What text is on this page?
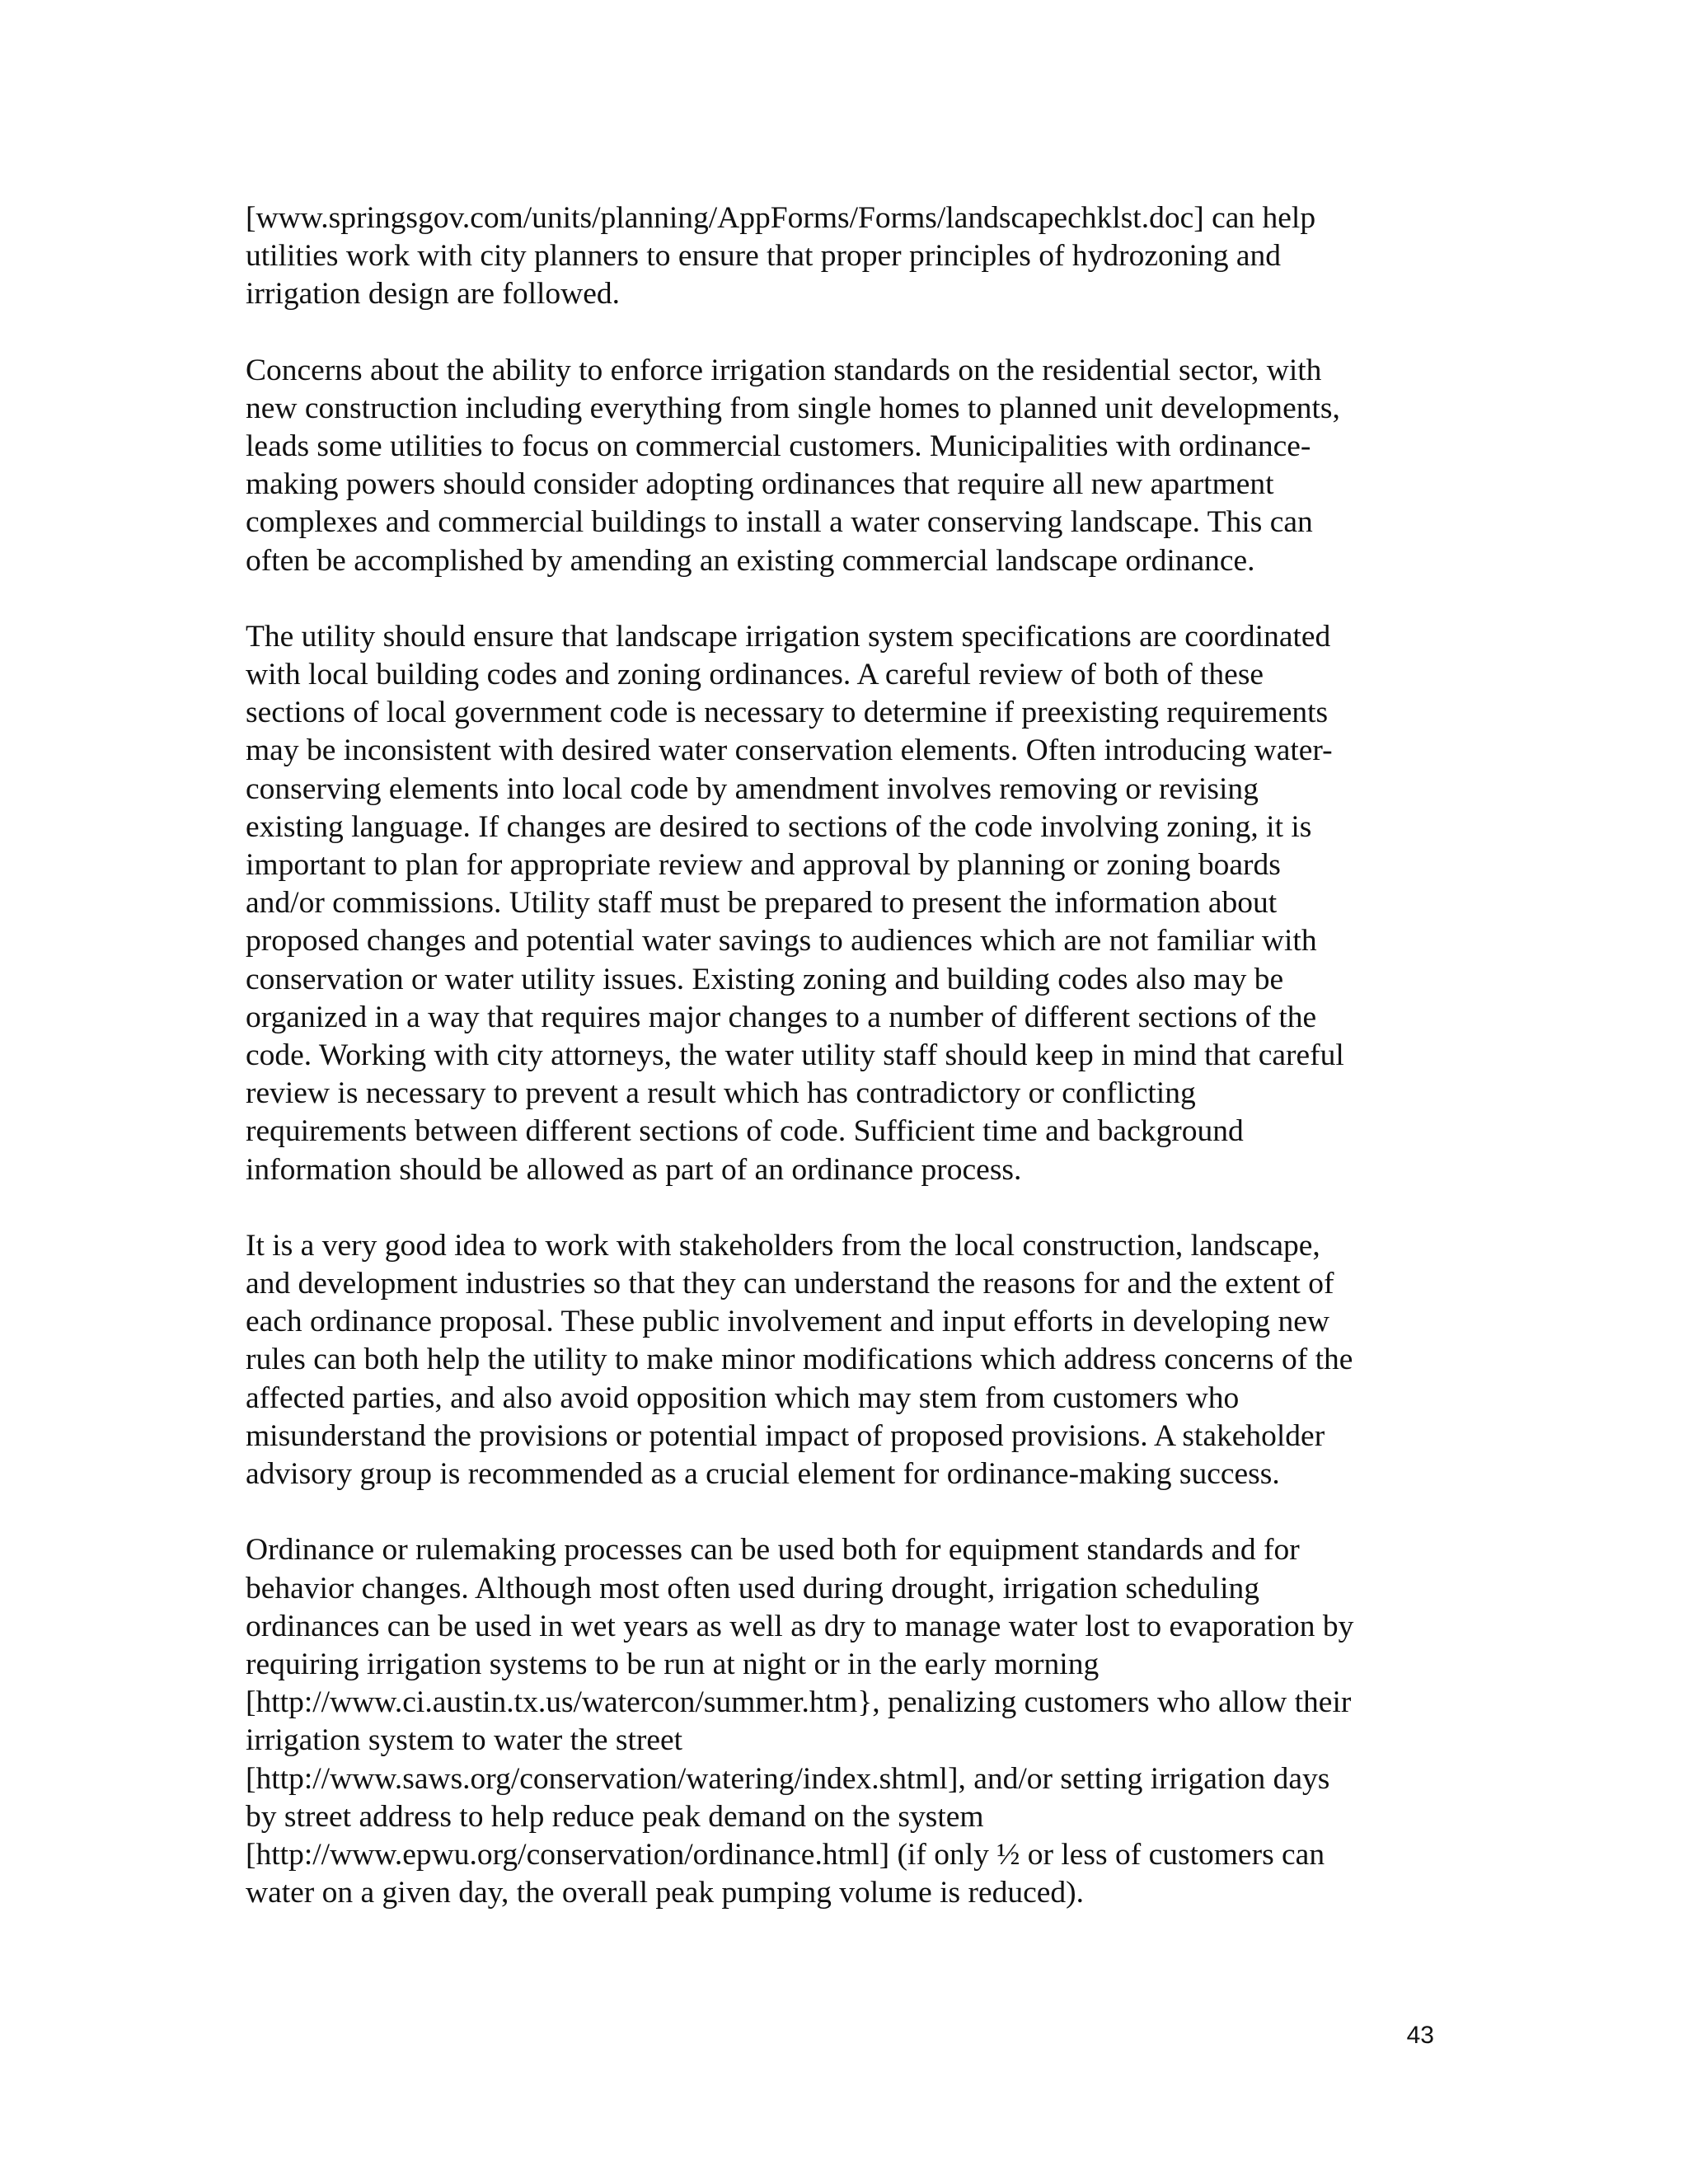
[www.springsgov.com/units/planning/AppForms/Forms/landscapechklst.doc] can help
utilities work with city planners to ensure that proper principles of hydrozoning and
irrigation design are followed.

Concerns about the ability to enforce irrigation standards on the residential sector, with
new construction including everything from single homes to planned unit developments,
leads some utilities to focus on commercial customers. Municipalities with ordinance-
making powers should consider adopting ordinances that require all new apartment
complexes and commercial buildings to install a water conserving landscape. This can
often be accomplished by amending an existing commercial landscape ordinance.

The utility should ensure that landscape irrigation system specifications are coordinated
with local building codes and zoning ordinances. A careful review of both of these
sections of local government code is necessary to determine if preexisting requirements
may be inconsistent with desired water conservation elements. Often introducing water-
conserving elements into local code by amendment involves removing or revising
existing language. If changes are desired to sections of the code involving zoning, it is
important to plan for appropriate review and approval by planning or zoning boards
and/or commissions. Utility staff must be prepared to present the information about
proposed changes and potential water savings to audiences which are not familiar with
conservation or water utility issues. Existing zoning and building codes also may be
organized in a way that requires major changes to a number of different sections of the
code. Working with city attorneys, the water utility staff should keep in mind that careful
review is necessary to prevent a result which has contradictory or conflicting
requirements between different sections of code. Sufficient time and background
information should be allowed as part of an ordinance process.

It is a very good idea to work with stakeholders from the local construction, landscape,
and development industries so that they can understand the reasons for and the extent of
each ordinance proposal. These public involvement and input efforts in developing new
rules can both help the utility to make minor modifications which address concerns of the
affected parties, and also avoid opposition which may stem from customers who
misunderstand the provisions or potential impact of proposed provisions. A stakeholder
advisory group is recommended as a crucial element for ordinance-making success.

Ordinance or rulemaking processes can be used both for equipment standards and for
behavior changes. Although most often used during drought, irrigation scheduling
ordinances can be used in wet years as well as dry to manage water lost to evaporation by
requiring irrigation systems to be run at night or in the early morning
[http://www.ci.austin.tx.us/watercon/summer.htm}, penalizing customers who allow their
irrigation system to water the street
[http://www.saws.org/conservation/watering/index.shtml], and/or setting irrigation days
by street address to help reduce peak demand on the system
[http://www.epwu.org/conservation/ordinance.html] (if only ½ or less of customers can
water on a given day, the overall peak pumping volume is reduced).

43
